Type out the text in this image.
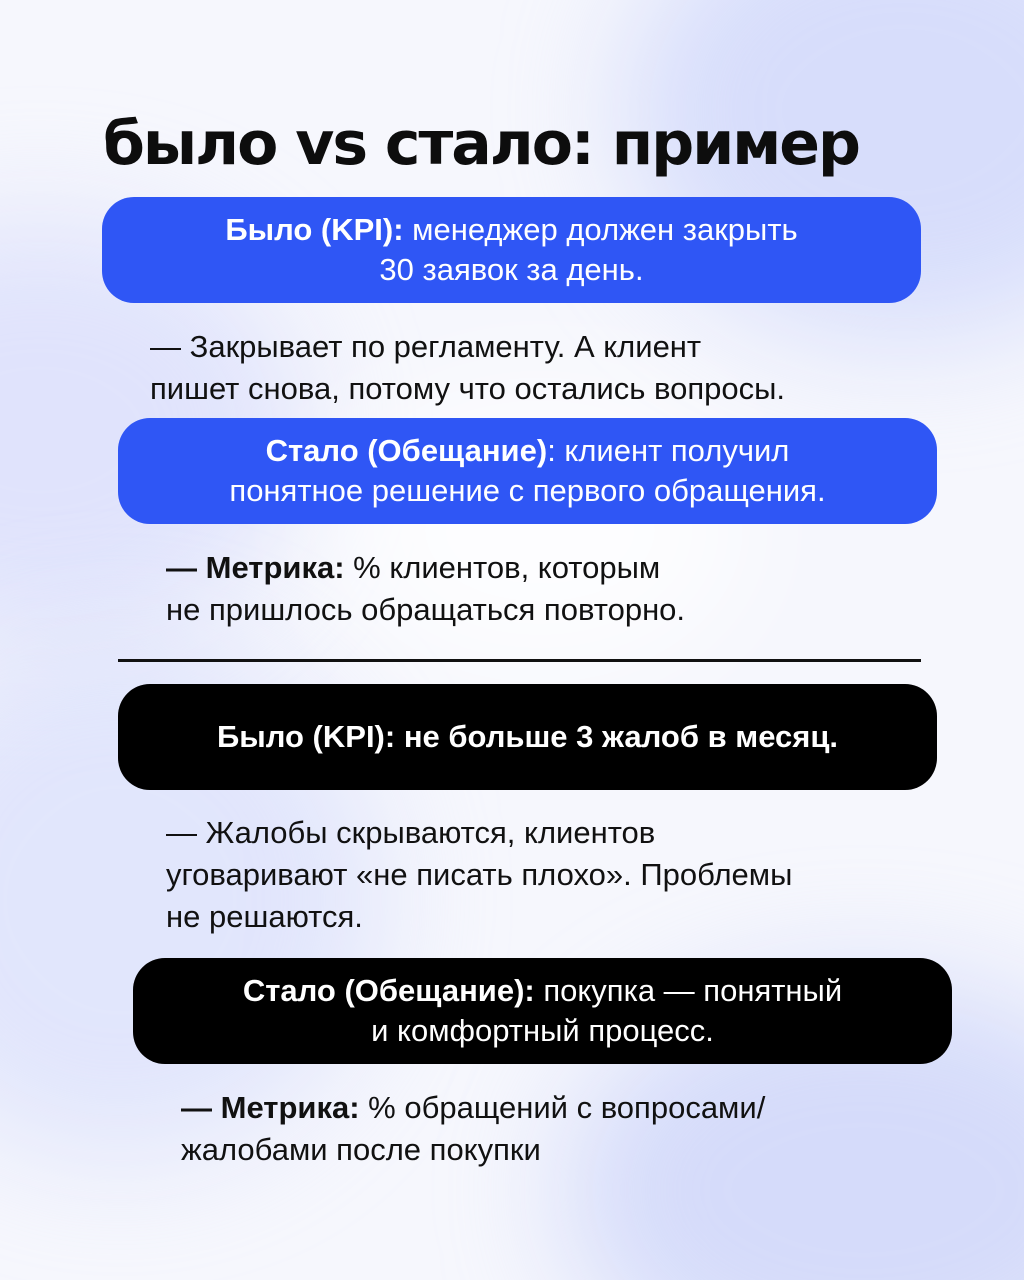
было vs стало: пример
Было (KPI): менеджер должен закрыть
30 заявок за день.

— Закрывает по регламенту. А клиент
пишет снова, потому что остались вопросы.

Стало (Обещание): клиент получил
понятное решение с первого обращения.

— Метрика: % клиентов, которым
не пришлось обращаться повторно.

Было (KPI): не больше 3 жалоб в месяц.

— Жалобы скрываются, клиентов
уговаривают «не писать плохо». Проблемы
не решаются.

Стало (Обещание): покупка — понятный
и комфортный процесс.

— Метрика: % обращений с вопросами/
жалобами после покупки
